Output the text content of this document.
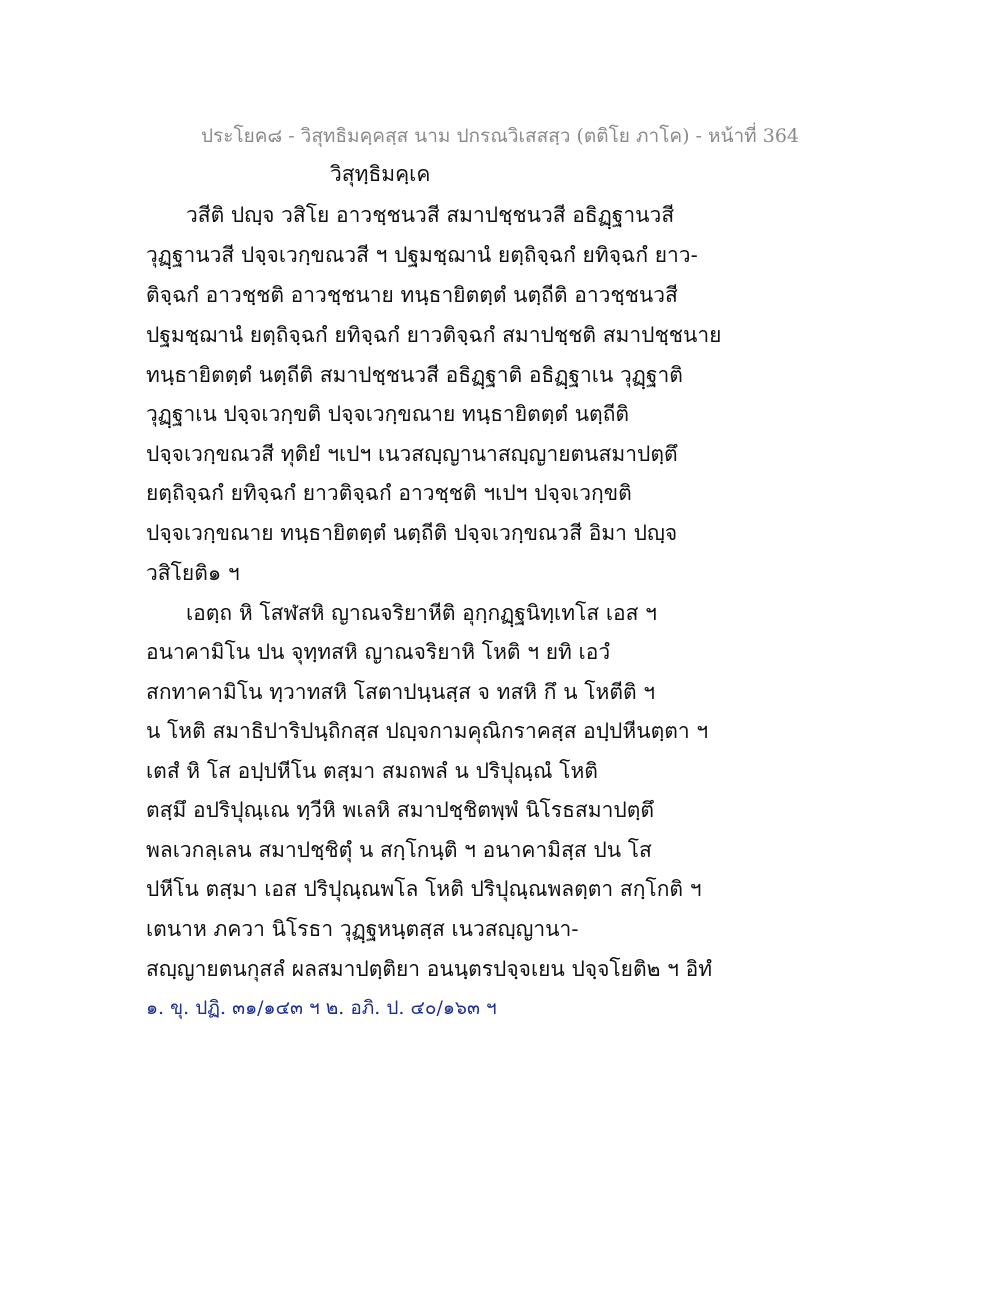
ประโยค๘ - วิสุทธิมคฺคสฺส นาม ปกรณวิเสสสฺว (ตติโย ภาโค) - หน้าที่ 364
วิสุทฺธิมคฺเค
วสีติ ปญฺจ วสิโย อาวชฺชนวสี สมาปชฺชนวสี อธิฏฺฐานวสี
วุฏฺฐานวสี ปจฺจเวกฺขณวสี ฯ ปฐมชฺฌานํ ยตฺถิจฺฉกํ ยทิจฺฉกํ ยาว-
ติจฺฉกํ อาวชฺชติ อาวชฺชนาย ทนฺธายิตตฺตํ นตฺถีติ อาวชฺชนวสี
ปฐมชฺฌานํ ยตฺถิจฺฉกํ ยทิจฺฉกํ ยาวติจฺฉกํ สมาปชฺชติ สมาปชฺชนาย
ทนฺธายิตตฺตํ นตฺถีติ สมาปชฺชนวสี อธิฏฺฐาติ อธิฏฺฐาเน วุฏฺฐาติ
วุฏฺฐาเน ปจฺจเวกฺขติ ปจฺจเวกฺขณาย ทนฺธายิตตฺตํ นตฺถีติ
ปจฺจเวกฺขณวสี ทุติยํ ฯเปฯ เนวสญฺญานาสญฺญายตนสมาปตฺตึ
ยตฺถิจฺฉกํ ยทิจฺฉกํ ยาวติจฺฉกํ อาวชฺชติ ฯเปฯ ปจฺจเวกฺขติ
ปจฺจเวกฺขณาย ทนฺธายิตตฺตํ นตฺถีติ ปจฺจเวกฺขณวสี อิมา ปญฺจ
วสิโยติ๑ ฯ
เอตฺถ หิ โสฬสหิ ญาณจริยาหีติ อุกฺกฏฺฐนิทฺเทโส เอส ฯ
อนาคามิโน ปน จุทฺทสหิ ญาณจริยาหิ โหติ ฯ ยทิ เอวํ
สกทาคามิโน ทฺวาทสหิ โสตาปนฺนสฺส จ ทสหิ กึ น โหตีติ ฯ
น โหติ สมาธิปาริปนฺถิกสฺส ปญฺจกามคุณิกราคสฺส อปฺปหีนตฺตา ฯ
เตสํ หิ โส อปฺปหีโน ตสฺมา สมถพลํ น ปริปุณฺณํ โหติ
ตสฺมึ อปริปุณฺเณ ทฺวีหิ พเลหิ สมาปชฺชิตพฺพํ นิโรธสมาปตฺตึ
พลเวกลฺเลน สมาปชฺชิตุํ น สกฺโกนฺติ ฯ อนาคามิสฺส ปน โส
ปหีโน ตสฺมา เอส ปริปุณฺณพโล โหติ ปริปุณฺณพลตฺตา สกฺโกติ ฯ
เตนาห ภควา นิโรธา วุฏฺฐหนฺตสฺส เนวสญฺญานา-
สญฺญายตนกุสลํ ผลสมาปตฺติยา อนนฺตรปจฺจเยน ปจฺจโยติ๒ ฯ อิทํ
๑. ขุ. ปฏิ. ๓๑/๑๔๓ ฯ ๒. อภิ. ป. ๔๐/๑๖๓ ฯ
